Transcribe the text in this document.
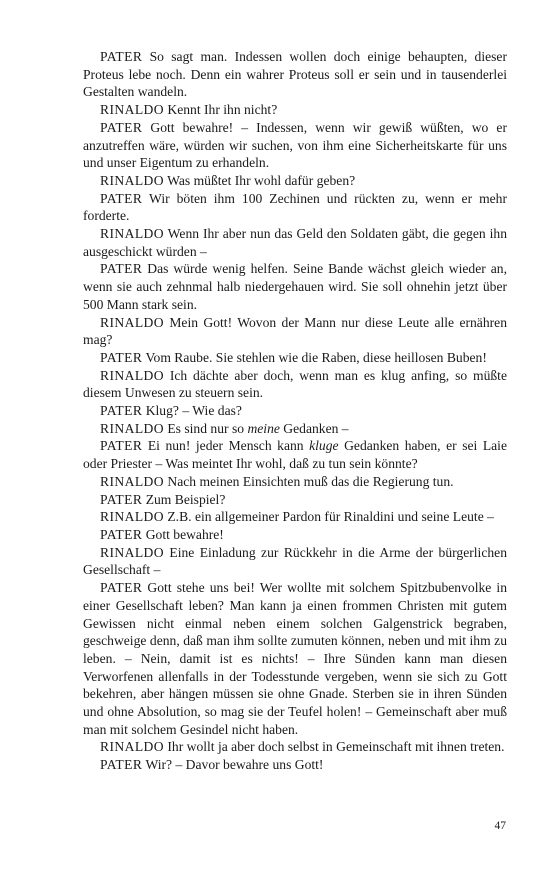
PATER So sagt man. Indessen wollen doch einige behaupten, dieser Proteus lebe noch. Denn ein wahrer Proteus soll er sein und in tausenderlei Gestalten wandeln.

RINALDO Kennt Ihr ihn nicht?

PATER Gott bewahre! – Indessen, wenn wir gewiß wüßten, wo er anzutreffen wäre, würden wir suchen, von ihm eine Sicherheitskarte für uns und unser Eigentum zu erhandeln.

RINALDO Was müßtet Ihr wohl dafür geben?

PATER Wir böten ihm 100 Zechinen und rückten zu, wenn er mehr forderte.

RINALDO Wenn Ihr aber nun das Geld den Soldaten gäbt, die gegen ihn ausgeschickt würden –

PATER Das würde wenig helfen. Seine Bande wächst gleich wieder an, wenn sie auch zehnmal halb niedergehauen wird. Sie soll ohnehin jetzt über 500 Mann stark sein.

RINALDO Mein Gott! Wovon der Mann nur diese Leute alle ernähren mag?

PATER Vom Raube. Sie stehlen wie die Raben, diese heillosen Buben!

RINALDO Ich dächte aber doch, wenn man es klug anfing, so müßte diesem Unwesen zu steuern sein.

PATER Klug? – Wie das?

RINALDO Es sind nur so meine Gedanken –

PATER Ei nun! jeder Mensch kann kluge Gedanken haben, er sei Laie oder Priester – Was meintet Ihr wohl, daß zu tun sein könnte?

RINALDO Nach meinen Einsichten muß das die Regierung tun.

PATER Zum Beispiel?

RINALDO Z.B. ein allgemeiner Pardon für Rinaldini und seine Leute –

PATER Gott bewahre!

RINALDO Eine Einladung zur Rückkehr in die Arme der bürgerlichen Gesellschaft –

PATER Gott stehe uns bei! Wer wollte mit solchem Spitzbubenvolke in einer Gesellschaft leben? Man kann ja einen frommen Christen mit gutem Gewissen nicht einmal neben einem solchen Galgenstrick begraben, geschweige denn, daß man ihm sollte zumuten können, neben und mit ihm zu leben. – Nein, damit ist es nichts! – Ihre Sünden kann man diesen Verworfenen allenfalls in der Todesstunde vergeben, wenn sie sich zu Gott bekehren, aber hängen müssen sie ohne Gnade. Sterben sie in ihren Sünden und ohne Absolution, so mag sie der Teufel holen! – Gemeinschaft aber muß man mit solchem Gesindel nicht haben.

RINALDO Ihr wollt ja aber doch selbst in Gemeinschaft mit ihnen treten.

PATER Wir? – Davor bewahre uns Gott!

47
